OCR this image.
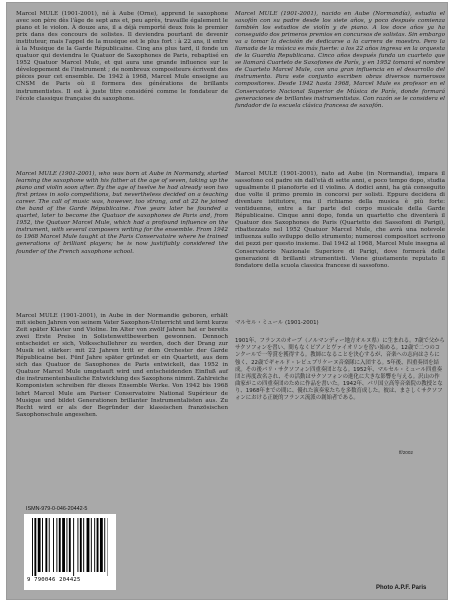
Marcel MULE (1901-2001), né à Aube (Orne), apprend le saxophone avec son père dès l'âge de sept ans et, peu après, travaille également le piano et le violon. À douze ans, il a déjà remporté deux fois le premier prix dans des concours de solistes. Il deviendra pourtant de devenir instituteur, mais l'appel de la musique est le plus fort : à 22 ans, il entre à la Musique de la Garde Républicaine. Cinq ans plus tard, il fonde un quatuor qui deviendra le Quatuor de Saxophones de Paris, rebaptisé en 1952 Quatuor Marcel Mule, et qui aura une grande influence sur le développement de l'instrument ; de nombreux compositeurs écrivent des pièces pour cet ensemble. De 1942 à 1968, Marcel Mule enseigne au CNSM de Paris où il formera des générations de brillants instrumentistes. Il est à juste titre considéré comme le fondateur de l'école classique française du saxophone.

Marcel MULE (1901-2001), nacido en Aube (Normandía), estudia el saxofón con su padre desde los siete años, y poco después comienza también los estudios de violín y de piano. A los doce años ya ha conseguido dos primeros premios en concursos de solistas. Sin embargo va a tomar la decisión de dedicarse a la carrera de maestro. Pero la llamada de la música es más fuerte: a los 22 años ingresa en la orquesta de la Guardia Republicana. Cinco años después funda un cuarteto que se llamará Cuarteto de Saxofones de París, y en 1952 tomará el nombre de Cuarteto Marcel Mule, con una gran influencia en el desarrollo del instrumento. Para este conjunto escriben obras diversos numerosos compositores. Desde 1942 hasta 1968, Marcel Mule es profesor en el Conservatorio Nacional Superior de Música de París, donde formará generaciones de brillantes instrumentistas. Con razón se le considera el fundador de la escuela clásica francesa de saxofón.

Marcel MULE (1901-2001), who was born at Aube in Normandy, started learning the saxophone with his father at the age of seven, taking up the piano and violin soon after. By the age of twelve he had already won two first prizes in solo competitions, but nevertheless decided on a teaching career. The call of music was, however, too strong, and at 22 he joined the band of the Garde Républicaine. Five years later he founded a quartet, later to become the Quatuor de saxophones de Paris and, from 1952, the Quatuor Marcel Mule, which had a profound influence on the instrument, with several composers writing for the ensemble. From 1942 to 1968 Marcel Mule taught at the Paris Conservatoire where he trained generations of brilliant players; he is now justifiably considered the founder of the French saxophone school.

Marcel MULE (1901-2001), nato ad Aube (in Normandia), impara il sassofono col padre sin dall'età di sette anni, e poco tempo dopo, studia ugualmente il pianoforte ed il violino. A dodici anni, ha già conseguito due volte il primo premio in concorsi per solisti. Eppure decidera di diventare istitutore, ma il richiamo della musica è più forte: ventiduenne, entre a far parte del corpo musicale della Garde Républicaine. Cinque anni dopo, fonda un quartetto che diventerà il Quatuor des Saxophones de Paris (Quartetto dei Sassofoni di Parigi), ribattezzato nel 1952 Quatuor Marcel Mule, che avrà una notevole influenza sullo sviluppo dello strumento; numerosi compositori scrivono dei pezzi per questo insieme. Dal 1942 al 1968, Marcel Mule insegna al Conservatorio Nazionale Superiore di Parigi, dove formerà delle generazioni di brillanti strumentisti. Viene giustamente reputato il fondatore della scuola classica francese di sassofono.

Marcel MULE (1901-2001), in Aube in der Normandie geboren, erhält mit sieben Jahren von seinem Vater Saxophon-Unterricht und lernt kurze Zeit später Klavier und Violine. Im Alter von zwölf Jahren hat er bereits zwei Erste Preise in Solistenwettbewerben gewonnen. Dennoch entscheidet er sich, Volksschullehrer zu werden, doch der Drang zur Musik ist stärker: mit 22 Jahren tritt er dem Orchester der Garde Républicaine bei. Fünf Jahre später gründet er ein Quartett, aus dem sich das Quatuor de Saxophones de Paris entwickelt, das 1952 in Quatuor Marcel Mule umgetauft wird und entscheidenden Einfluß auf die instrumentenbauliche Entwicklung des Saxophons nimmt. Zahlreiche Komponisten schreiben für dieses Ensemble Werke. Von 1942 bis 1968 lehrt Marcel Mule am Pariser Conservatoire National Supérieur de Musique und bildet Generationen brillanter Instrumentalisten aus. Zu Recht wird er als der Begründer der klassischen französischen Saxophonschule angesehen.

マルセル・ミュール (1901-2001)

1901年、フランスのオーブ（ノルマンディー地方オルヌ県）に生まれる。7歳で父からサクソフォンを習い、間もなくピアノとヴァイオリンを習い始める。12歳で二つのコンクールで一等賞を獲得する。教師になることを決心するが、音楽への志向はさらに強く、22歳でギャルド・レピュブリケーヌ音楽隊に入団する。5年後、四重奏団を結成。その後パリ・サクソフォン四重奏団となる。1952年、マルセル・ミュール四重奏団と再度改名され、その活動はサクソフォンの進化に大きな影響を与える。沢山の作曲家がこの四重奏団のために作品を書いた。1942年、パリ国立高等音楽院の教授となり、1968年までの間に、優れた演奏家たちを多数育成した。彼は、まさしくサクソフォンにおける正統的フランス流派の創始者である。

ff/2002
ISMN-979-0-046-20442-5
9 790046 204425
Photo A.P.F. Paris
